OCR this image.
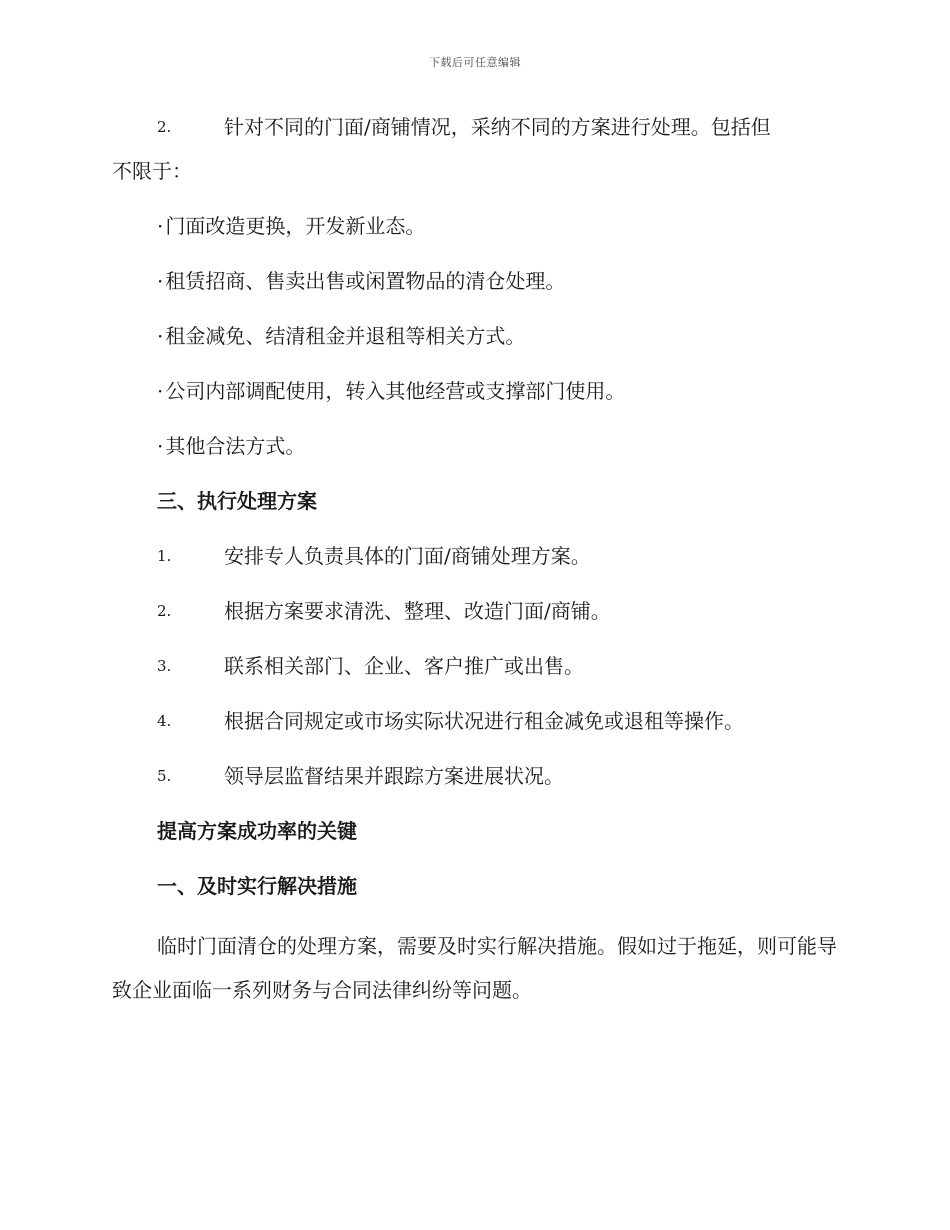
下载后可任意编辑
2.	针对不同的门面/商铺情况，采纳不同的方案进行处理。包括但
不限于：
· 门面改造更换，开发新业态。
· 租赁招商、售卖出售或闲置物品的清仓处理。
· 租金减免、结清租金并退租等相关方式。
· 公司内部调配使用，转入其他经营或支撑部门使用。
· 其他合法方式。
三、执行处理方案
1.	安排专人负责具体的门面/商铺处理方案。
2.	根据方案要求清洗、整理、改造门面/商铺。
3.	联系相关部门、企业、客户推广或出售。
4.	根据合同规定或市场实际状况进行租金减免或退租等操作。
5.	领导层监督结果并跟踪方案进展状况。
提高方案成功率的关键
一、及时实行解决措施

临时门面清仓的处理方案，需要及时实行解决措施。假如过于拖延，则可能导致企业面临一系列财务与合同法律纠纷等问题。
